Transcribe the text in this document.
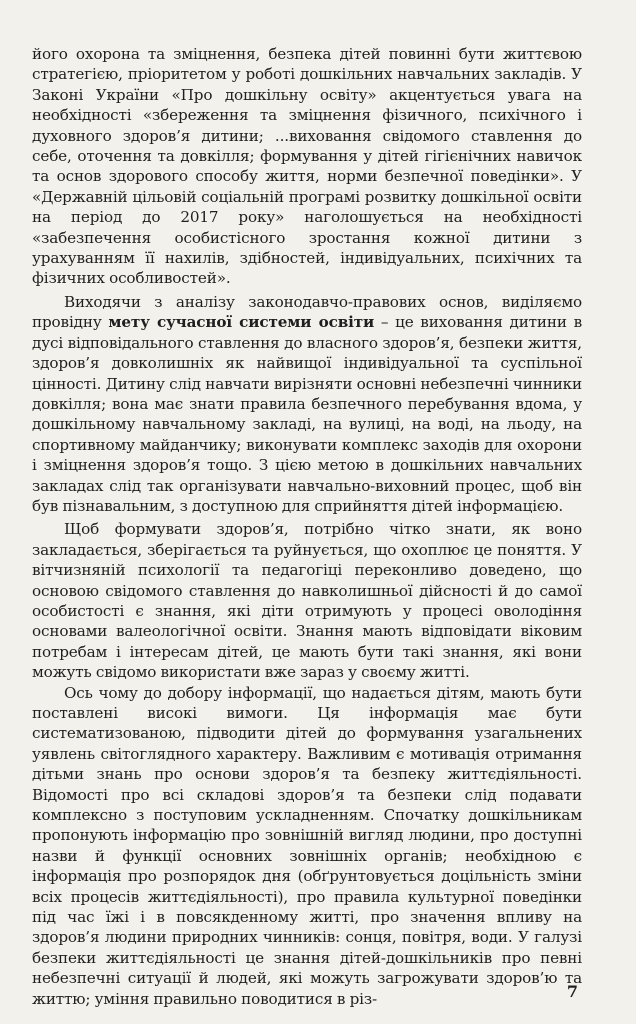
його охорона та зміцнення, безпека дітей повинні бути життєвою стратегією, пріоритетом у роботі дошкільних навчальних закладів. У Законі України «Про дошкільну освіту» акцентується увага на необхідності «збереження та зміцнення фізичного, психічного і духовного здоров’я дитини; ...виховання свідомого ставлення до себе, оточення та довкілля; формування у дітей гігієнічних навичок та основ здорового способу життя, норми безпечної поведінки». У «Державній цільовій соціальній програмі розвитку дошкільної освіти на період до 2017 року» наголошується на необхідності «забезпечення особистісного зростання кожної дитини з урахуванням її нахилів, здібностей, індивідуальних, психічних та фізичних особливостей».

Виходячи з аналізу законодавчо-правових основ, виділяємо провідну мету сучасної системи освіти – це виховання дитини в дусі відповідального ставлення до власного здоров’я, безпеки життя, здоров’я довколишніх як найвищої індивідуальної та суспільної цінності. Дитину слід навчати вирізняти основні небезпечні чинники довкілля; вона має знати правила безпечного перебування вдома, у дошкільному навчальному закладі, на вулиці, на воді, на льоду, на спортивному майданчику; виконувати комплекс заходів для охорони і зміцнення здоров’я тощо. З цією метою в дошкільних навчальних закладах слід так організувати навчально-виховний процес, щоб він був пізнавальним, з доступною для сприйняття дітей інформацією.

Щоб формувати здоров’я, потрібно чітко знати, як воно закладається, зберігається та руйнується, що охоплює це поняття. У вітчизняній психології та педагогіці переконливо доведено, що основою свідомого ставлення до навколишньої дійсності й до самої особистості є знання, які діти отримують у процесі оволодіння основами валеологічної освіти. Знання мають відповідати віковим потребам і інтересам дітей, це мають бути такі знання, які вони можуть свідомо використати вже зараз у своєму житті.

Ось чому до добору інформації, що надається дітям, мають бути поставлені високі вимоги. Ця інформація має бути систематизованою, підводити дітей до формування узагальнених уявлень світоглядного характеру. Важливим є мотивація отримання дітьми знань про основи здоров’я та безпеку життєдіяльності. Відомості про всі складові здоров’я та безпеки слід подавати комплексно з поступовим ускладненням. Спочатку дошкільникам пропонують інформацію про зовнішній вигляд людини, про доступні назви й функції основних зовнішніх органів; необхідною є інформація про розпорядок дня (обґрунтовується доцільність зміни всіх процесів життєдіяльності), про правила культурної поведінки під час їжі і в повсякденному житті, про значення впливу на здоров’я людини природних чинників: сонця, повітря, води. У галузі безпеки життєдіяльності це знання дітей-дошкільників про певні небезпечні ситуації й людей, які можуть загрожувати здоров’ю та життю; уміння правильно поводитися в різ-	7
